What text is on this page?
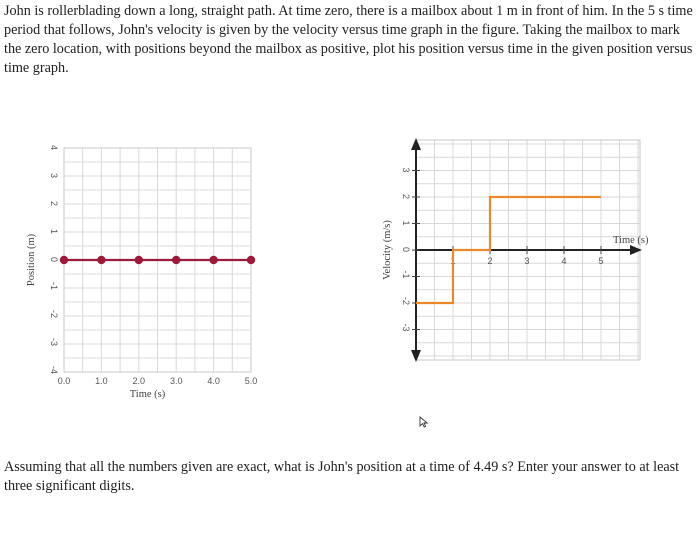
John is rollerblading down a long, straight path. At time zero, there is a mailbox about 1 m in front of him. In the 5 s time period that follows, John's velocity is given by the velocity versus time graph in the figure. Taking the mailbox to mark the zero location, with positions beyond the mailbox as positive, plot his position versus time in the given position versus time graph.
4
3
2
1
0
-1
-2
-3
-4
0.0	1.0	2.0	3.0	4.0	5.0
Time (s)
Position (m)
3
2
1
0
-1
-2
-3
1	2	3	4	5
Time (s)
Velocity (m/s)
Assuming that all the numbers given are exact, what is John's position at a time of 4.49 s? Enter your answer to at least three significant digits.
